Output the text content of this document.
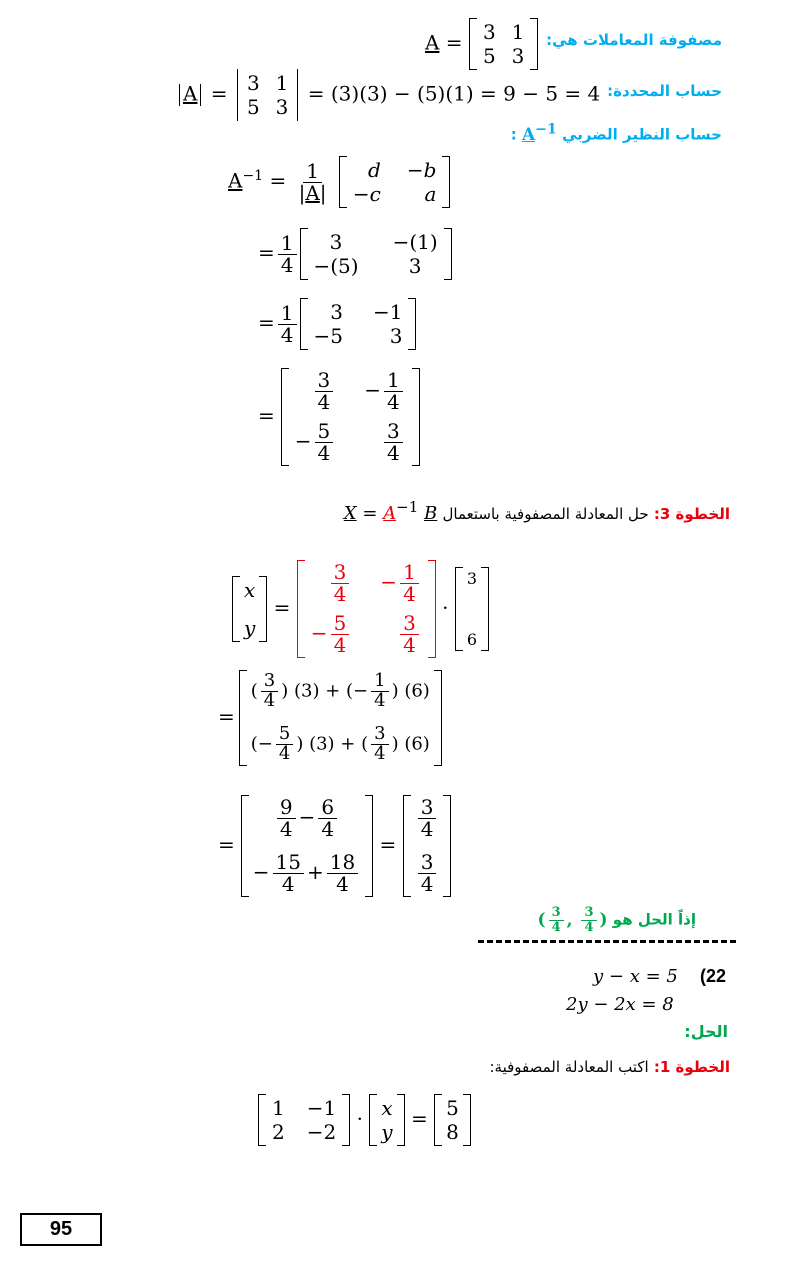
مصفوفة المعاملات هي:
A = 3 1
5 3
حساب المحددة:
A = 3 1
5 3
= (3)(3) − (5)(1) = 9 − 5 = 4
حساب النظير الضربي $A^{-1}$ :
$A^{-1} = \frac{1}{|A|}$
d −b
−c a
= $\frac{1}{4} 3$	−(1)
−(5)	3
= $\frac{1}{4} 3 -1$
−5 3
=
$\frac{3}{4} - \frac{1}{4}$
− $\frac{5}{4}$	$\frac{3}{4}$
الخطوة 3: حل المعادلة المصفوفية باستعمال $X = A^{-1}$ B
x
y
=
$\frac{3}{4} - \frac{1}{4}$
− $\frac{5}{4}$	$\frac{3}{4}$
·
3
6
=
( $\frac{3}{4}$ ) (3) + (− $\frac{1}{4}$ ) (6)
(− $\frac{5}{4}$ ) (3) + ( $\frac{3}{4}$ ) (6)
=
$\frac{9}{4} - \frac{6}{4}$
− $\frac{15}{4} + \frac{18}{4}$
=
$\frac{3}{4}$
$\frac{3}{4}$
إذاً الحل هو ( $\frac{3}{4}$ , $\frac{3}{4}$ )
y − x = 5 (22
2y − 2x = 8
الحل:
الخطوة 1: اكتب المعادلة المصفوفية:
1 −1
2 −2
· x
y
= 5
8
95
